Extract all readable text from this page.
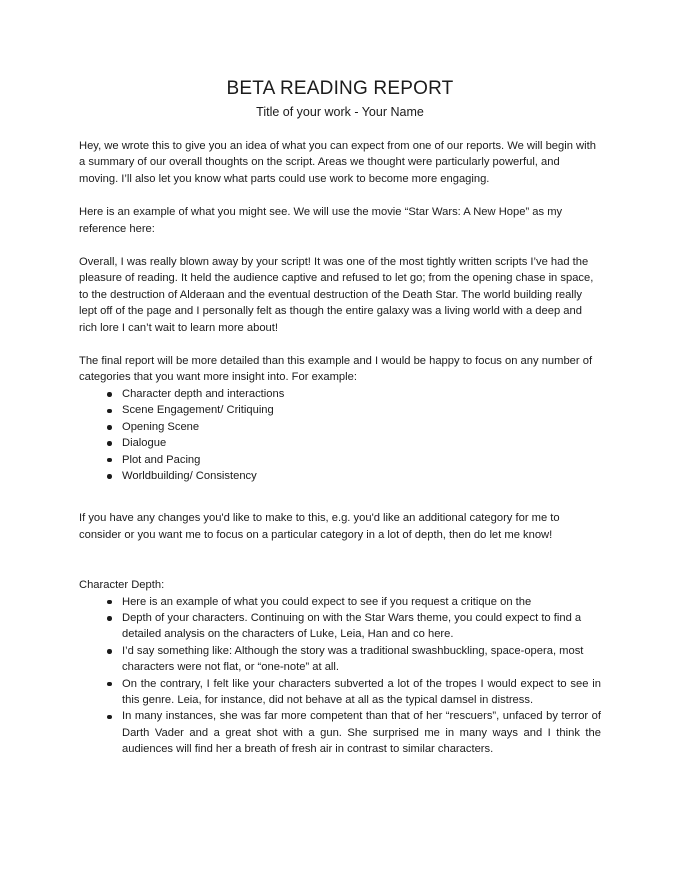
BETA READING REPORT

Title of your work - Your Name

Hey, we wrote this to give you an idea of what you can expect from one of our reports. We will begin with a summary of our overall thoughts on the script. Areas we thought were particularly powerful, and moving. I’ll also let you know what parts could use work to become more engaging.

Here is an example of what you might see. We will use the movie “Star Wars: A New Hope” as my reference here:

Overall, I was really blown away by your script! It was one of the most tightly written scripts I’ve had the pleasure of reading. It held the audience captive and refused to let go; from the opening chase in space, to the destruction of Alderaan and the eventual destruction of the Death Star. The world building really lept off of the page and I personally felt as though the entire galaxy was a living world with a deep and rich lore I can’t wait to learn more about!

The final report will be more detailed than this example and I would be happy to focus on any number of categories that you want more insight into. For example:

Character depth and interactions
Scene Engagement/ Critiquing
Opening Scene
Dialogue
Plot and Pacing
Worldbuilding/ Consistency

If you have any changes you'd like to make to this, e.g. you'd like an additional category for me to consider or you want me to focus on a particular category in a lot of depth, then do let me know!

Character Depth:

Here is an example of what you could expect to see if you request a critique on the
Depth of your characters. Continuing on with the Star Wars theme, you could expect to find a detailed analysis on the characters of Luke, Leia, Han and co here.
I’d say something like: Although the story was a traditional swashbuckling, space-opera, most characters were not flat, or “one-note” at all.
On the contrary, I felt like your characters subverted a lot of the tropes I would expect to see in this genre. Leia, for instance, did not behave at all as the typical damsel in distress.
In many instances, she was far more competent than that of her “rescuers”, unfaced by terror of Darth Vader and a great shot with a gun. She surprised me in many ways and I think the audiences will find her a breath of fresh air in contrast to similar characters.
